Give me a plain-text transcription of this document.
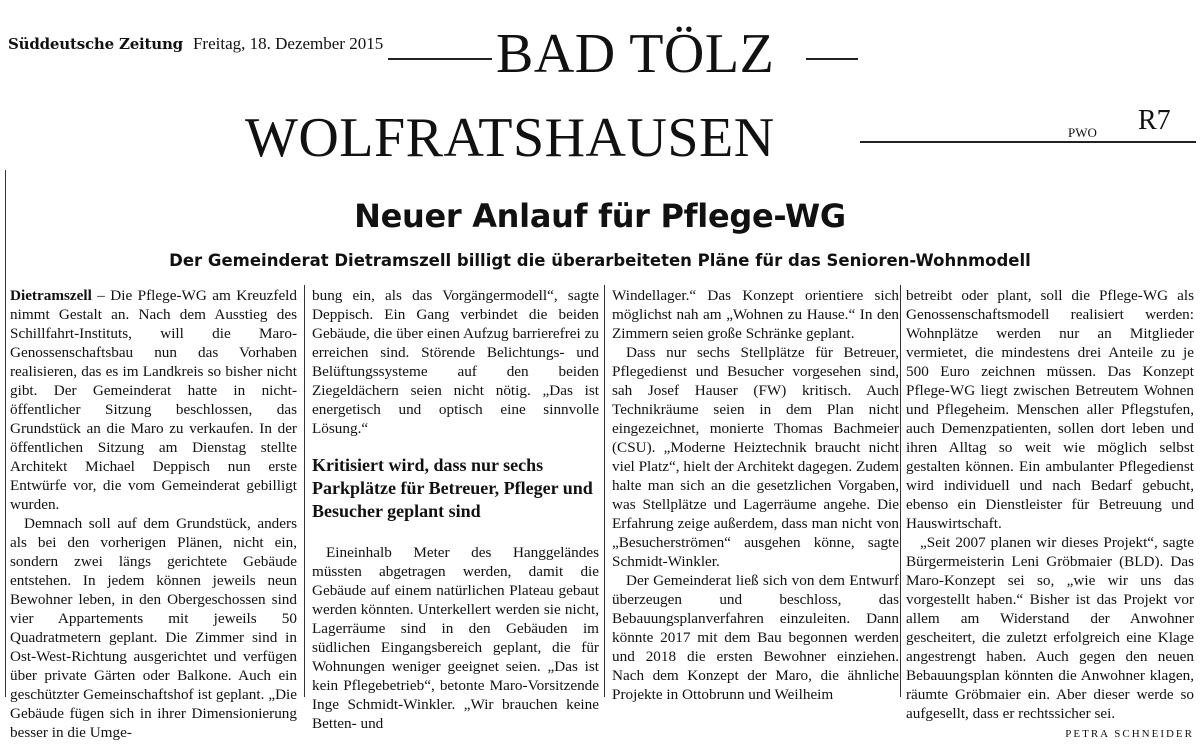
Süddeutsche Zeitung Freitag, 18. Dezember 2015 BAD TÖLZ
WOLFRATSHAUSEN	PWO R7
Neuer Anlauf für Pflege-WG
Der Gemeinderat Dietramszell billigt die überarbeiteten Pläne für das Senioren-Wohnmodell

Dietramszell – Die Pflege-WG am Kreuzfeld nimmt Gestalt an. Nach dem Ausstieg des Schillfahrt-Instituts, will die Maro-Genossenschaftsbau nun das Vorhaben realisieren, das es im Landkreis so bisher nicht gibt. Der Gemeinderat hatte in nicht-öffentlicher Sitzung beschlossen, das Grundstück an die Maro zu verkaufen. In der öffentlichen Sitzung am Dienstag stellte Architekt Michael Deppisch nun erste Entwürfe vor, die vom Gemeinderat gebilligt wurden.

Demnach soll auf dem Grundstück, anders als bei den vorherigen Plänen, nicht ein, sondern zwei längs gerichtete Gebäude entstehen. In jedem können jeweils neun Bewohner leben, in den Obergeschossen sind vier Appartements mit jeweils 50 Quadratmetern geplant. Die Zimmer sind in Ost-West-Richtung ausgerichtet und verfügen über private Gärten oder Balkone. Auch ein geschützter Gemeinschaftshof ist geplant. „Die Gebäude fügen sich in ihrer Dimensionierung besser in die Umge-

bung ein, als das Vorgängermodell“, sagte Deppisch. Ein Gang verbindet die beiden Gebäude, die über einen Aufzug barrierefrei zu erreichen sind. Störende Belichtungs- und Belüftungssysteme auf den beiden Ziegeldächern seien nicht nötig. „Das ist energetisch und optisch eine sinnvolle Lösung.“

Kritisiert wird, dass nur sechs Parkplätze für Betreuer, Pfleger und Besucher geplant sind

Eineinhalb Meter des Hanggeländes müssten abgetragen werden, damit die Gebäude auf einem natürlichen Plateau gebaut werden könnten. Unterkellert werden sie nicht, Lagerräume sind in den Gebäuden im südlichen Eingangsbereich geplant, die für Wohnungen weniger geeignet seien. „Das ist kein Pflegebetrieb“, betonte Maro-Vorsitzende Inge Schmidt-Winkler. „Wir brauchen keine Betten- und

Windellager.“ Das Konzept orientiere sich möglichst nah am „Wohnen zu Hause.“ In den Zimmern seien große Schränke geplant.

Dass nur sechs Stellplätze für Betreuer, Pflegedienst und Besucher vorgesehen sind, sah Josef Hauser (FW) kritisch. Auch Technikräume seien in dem Plan nicht eingezeichnet, monierte Thomas Bachmeier (CSU). „Moderne Heiztechnik braucht nicht viel Platz“, hielt der Architekt dagegen. Zudem halte man sich an die gesetzlichen Vorgaben, was Stellplätze und Lagerräume angehe. Die Erfahrung zeige außerdem, dass man nicht von „Besucherströmen“ ausgehen könne, sagte Schmidt-Winkler.

Der Gemeinderat ließ sich von dem Entwurf überzeugen und beschloss, das Bebauungsplanverfahren einzuleiten. Dann könnte 2017 mit dem Bau begonnen werden und 2018 die ersten Bewohner einziehen. Nach dem Konzept der Maro, die ähnliche Projekte in Ottobrunn und Weilheim

betreibt oder plant, soll die Pflege-WG als Genossenschaftsmodell realisiert werden: Wohnplätze werden nur an Mitglieder vermietet, die mindestens drei Anteile zu je 500 Euro zeichnen müssen. Das Konzept Pflege-WG liegt zwischen Betreutem Wohnen und Pflegeheim. Menschen aller Pflegstufen, auch Demenzpatienten, sollen dort leben und ihren Alltag so weit wie möglich selbst gestalten können. Ein ambulanter Pflegedienst wird individuell und nach Bedarf gebucht, ebenso ein Dienstleister für Betreuung und Hauswirtschaft.

„Seit 2007 planen wir dieses Projekt“, sagte Bürgermeisterin Leni Gröbmaier (BLD). Das Maro-Konzept sei so, „wie wir uns das vorgestellt haben.“ Bisher ist das Projekt vor allem am Widerstand der Anwohner gescheitert, die zuletzt erfolgreich eine Klage angestrengt haben. Auch gegen den neuen Bebauungsplan könnten die Anwohner klagen, räumte Gröbmaier ein. Aber dieser werde so aufgesellt, dass er rechtssicher sei.
PETRA SCHNEIDER
